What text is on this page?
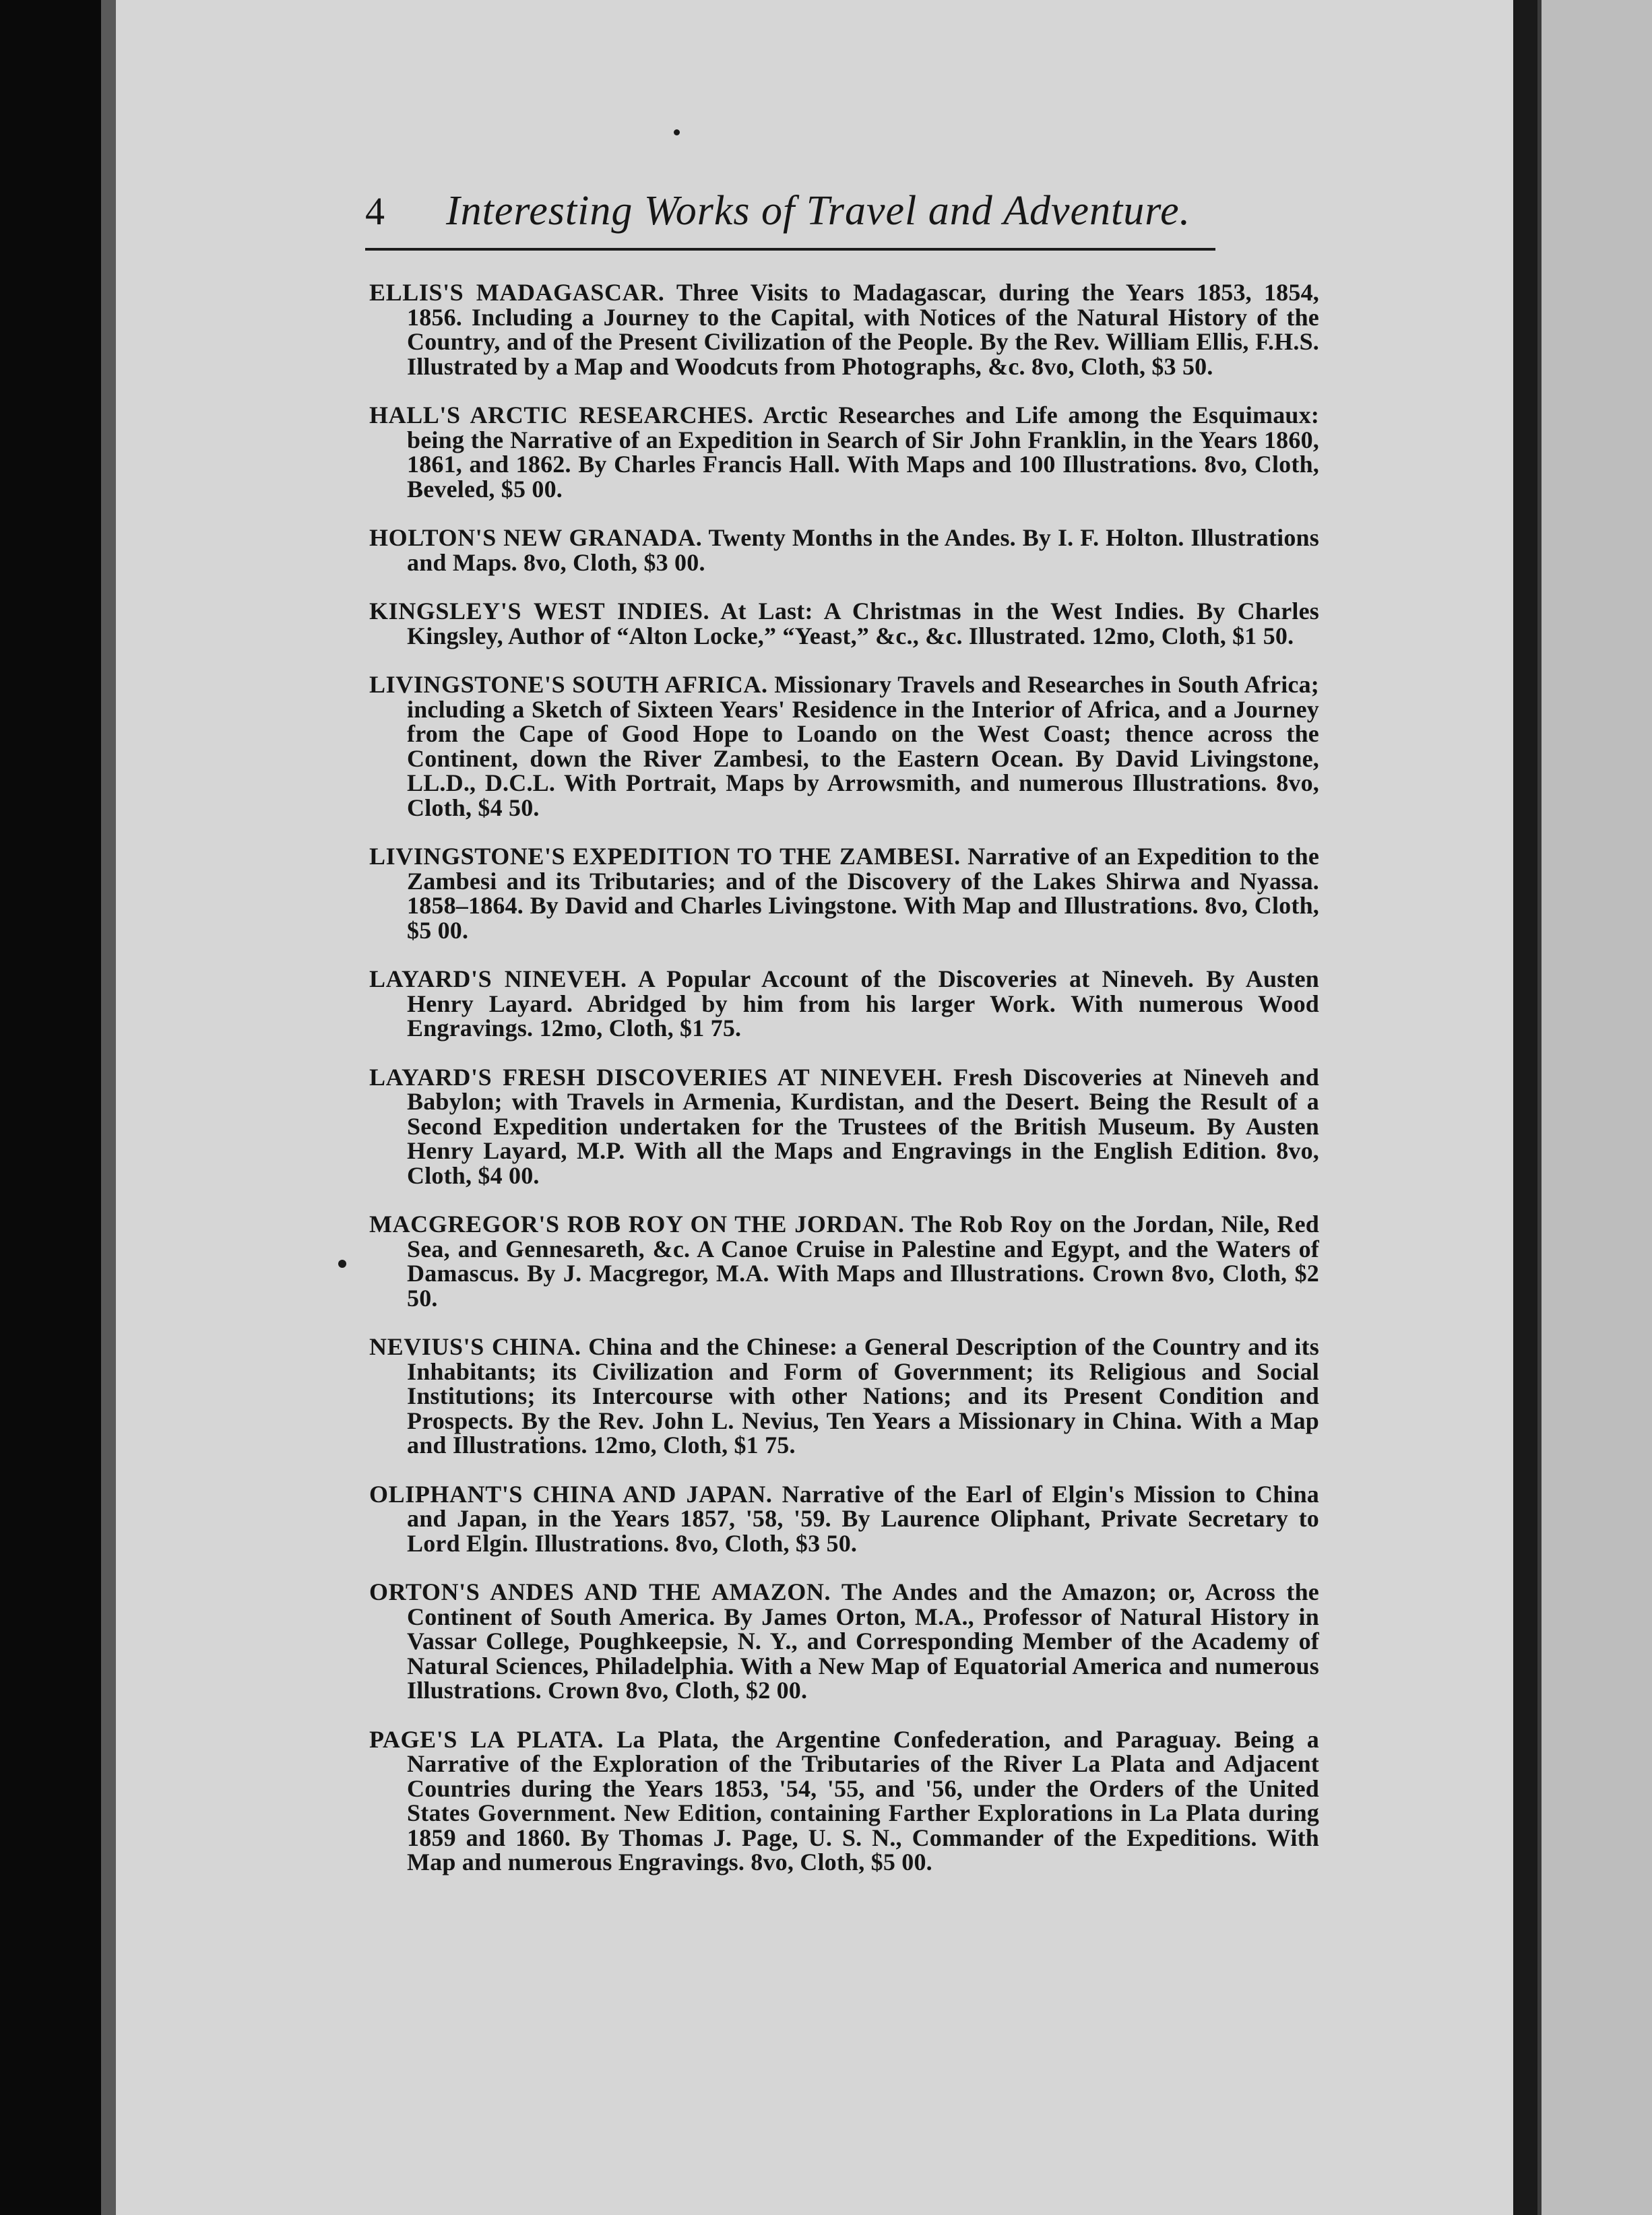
4	Interesting Works of Travel and Adventure.

ELLIS'S MADAGASCAR. Three Visits to Madagascar, during the Years 1853, 1854, 1856. Including a Journey to the Capital, with Notices of the Natural History of the Country, and of the Present Civilization of the People. By the Rev. William Ellis, F.H.S. Illustrated by a Map and Woodcuts from Photographs, &c. 8vo, Cloth, $3 50.

HALL'S ARCTIC RESEARCHES. Arctic Researches and Life among the Esquimaux: being the Narrative of an Expedition in Search of Sir John Franklin, in the Years 1860, 1861, and 1862. By Charles Francis Hall. With Maps and 100 Illustrations. 8vo, Cloth, Beveled, $5 00.

HOLTON'S NEW GRANADA. Twenty Months in the Andes. By I. F. Holton. Illustrations and Maps. 8vo, Cloth, $3 00.

KINGSLEY'S WEST INDIES. At Last: A Christmas in the West Indies. By Charles Kingsley, Author of “Alton Locke,” “Yeast,” &c., &c. Illustrated. 12mo, Cloth, $1 50.

LIVINGSTONE'S SOUTH AFRICA. Missionary Travels and Researches in South Africa; including a Sketch of Sixteen Years' Residence in the Interior of Africa, and a Journey from the Cape of Good Hope to Loando on the West Coast; thence across the Continent, down the River Zambesi, to the Eastern Ocean. By David Livingstone, LL.D., D.C.L. With Portrait, Maps by Arrowsmith, and numerous Illustrations. 8vo, Cloth, $4 50.

LIVINGSTONE'S EXPEDITION TO THE ZAMBESI. Narrative of an Expedition to the Zambesi and its Tributaries; and of the Discovery of the Lakes Shirwa and Nyassa. 1858–1864. By David and Charles Livingstone. With Map and Illustrations. 8vo, Cloth, $5 00.

LAYARD'S NINEVEH. A Popular Account of the Discoveries at Nineveh. By Austen Henry Layard. Abridged by him from his larger Work. With numerous Wood Engravings. 12mo, Cloth, $1 75.

LAYARD'S FRESH DISCOVERIES AT NINEVEH. Fresh Discoveries at Nineveh and Babylon; with Travels in Armenia, Kurdistan, and the Desert. Being the Result of a Second Expedition undertaken for the Trustees of the British Museum. By Austen Henry Layard, M.P. With all the Maps and Engravings in the English Edition. 8vo, Cloth, $4 00.

MACGREGOR'S ROB ROY ON THE JORDAN. The Rob Roy on the Jordan, Nile, Red Sea, and Gennesareth, &c. A Canoe Cruise in Palestine and Egypt, and the Waters of Damascus. By J. Macgregor, M.A. With Maps and Illustrations. Crown 8vo, Cloth, $2 50.

NEVIUS'S CHINA. China and the Chinese: a General Description of the Country and its Inhabitants; its Civilization and Form of Government; its Religious and Social Institutions; its Intercourse with other Nations; and its Present Condition and Prospects. By the Rev. John L. Nevius, Ten Years a Missionary in China. With a Map and Illustrations. 12mo, Cloth, $1 75.

OLIPHANT'S CHINA AND JAPAN. Narrative of the Earl of Elgin's Mission to China and Japan, in the Years 1857, '58, '59. By Laurence Oliphant, Private Secretary to Lord Elgin. Illustrations. 8vo, Cloth, $3 50.

ORTON'S ANDES AND THE AMAZON. The Andes and the Amazon; or, Across the Continent of South America. By James Orton, M.A., Professor of Natural History in Vassar College, Poughkeepsie, N. Y., and Corresponding Member of the Academy of Natural Sciences, Philadelphia. With a New Map of Equatorial America and numerous Illustrations. Crown 8vo, Cloth, $2 00.

PAGE'S LA PLATA. La Plata, the Argentine Confederation, and Paraguay. Being a Narrative of the Exploration of the Tributaries of the River La Plata and Adjacent Countries during the Years 1853, '54, '55, and '56, under the Orders of the United States Government. New Edition, containing Farther Explorations in La Plata during 1859 and 1860. By Thomas J. Page, U. S. N., Commander of the Expeditions. With Map and numerous Engravings. 8vo, Cloth, $5 00.
